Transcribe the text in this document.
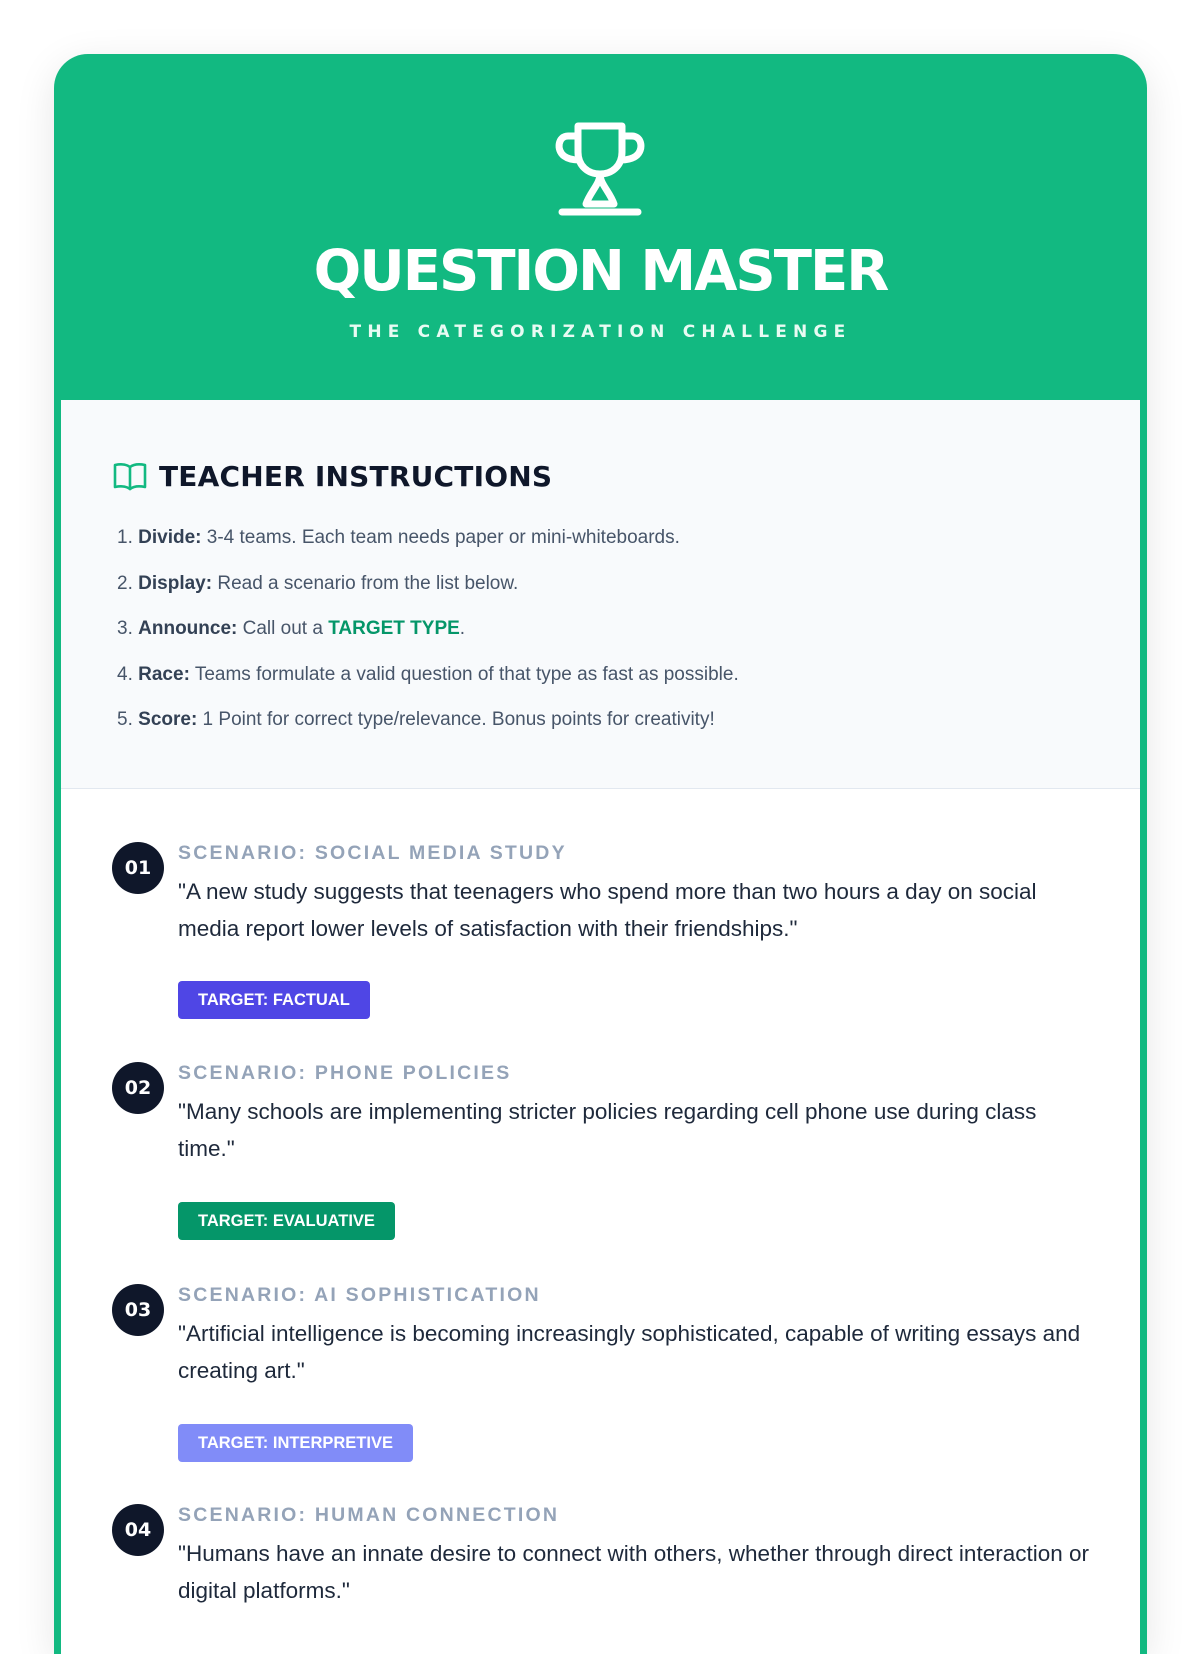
QUESTION MASTER
THE CATEGORIZATION CHALLENGE
TEACHER INSTRUCTIONS
1. Divide: 3-4 teams. Each team needs paper or mini-whiteboards.
2. Display: Read a scenario from the list below.
3. Announce: Call out a TARGET TYPE.
4. Race: Teams formulate a valid question of that type as fast as possible.
5. Score: 1 Point for correct type/relevance. Bonus points for creativity!
01
SCENARIO: SOCIAL MEDIA STUDY
"A new study suggests that teenagers who spend more than two hours a day on social media report lower levels of satisfaction with their friendships."
TARGET: FACTUAL
02
SCENARIO: PHONE POLICIES
"Many schools are implementing stricter policies regarding cell phone use during class time."
TARGET: EVALUATIVE
03
SCENARIO: AI SOPHISTICATION
"Artificial intelligence is becoming increasingly sophisticated, capable of writing essays and creating art."
TARGET: INTERPRETIVE
04
SCENARIO: HUMAN CONNECTION
"Humans have an innate desire to connect with others, whether through direct interaction or digital platforms."
